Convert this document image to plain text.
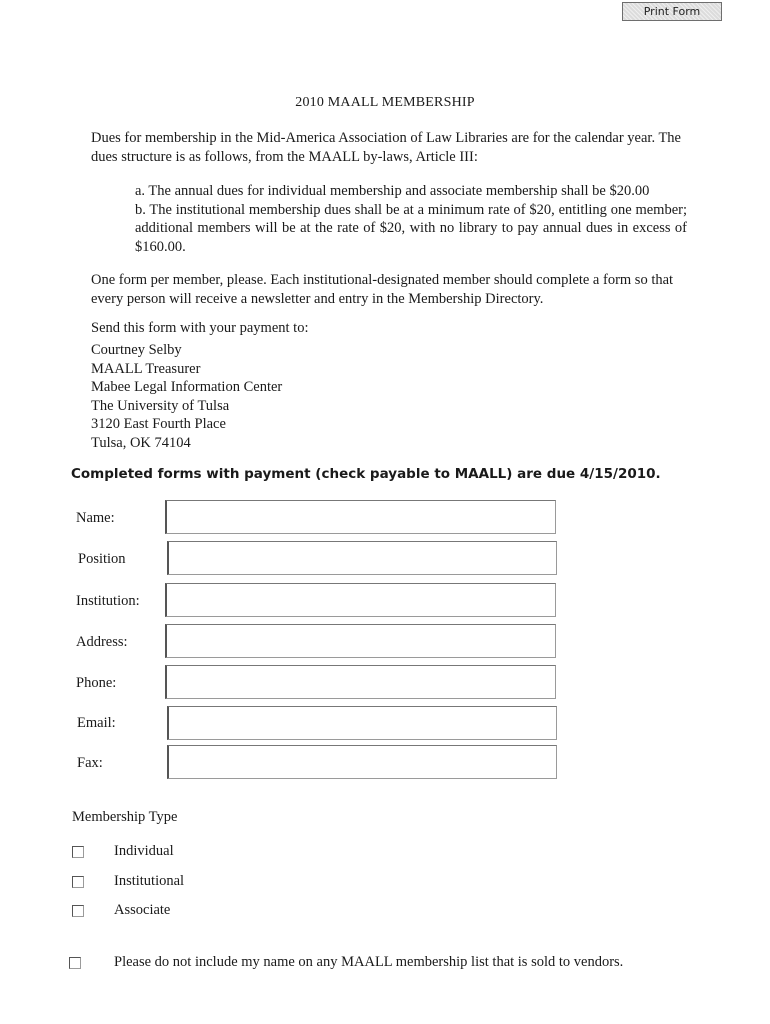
Print Form
2010 MAALL MEMBERSHIP

Dues for membership in the Mid-America Association of Law Libraries are for the calendar year. The dues structure is as follows, from the MAALL by-laws, Article III:

a. The annual dues for individual membership and associate membership shall be $20.00
b. The institutional membership dues shall be at a minimum rate of $20, entitling one member; additional members will be at the rate of $20, with no library to pay annual dues in excess of $160.00.

One form per member, please. Each institutional-designated member should complete a form so that every person will receive a newsletter and entry in the Membership Directory.

Send this form with your payment to:
Courtney Selby
MAALL Treasurer
Mabee Legal Information Center
The University of Tulsa
3120 East Fourth Place
Tulsa, OK 74104
Completed forms with payment (check payable to MAALL) are due 4/15/2010.
Name:
Position
Institution:
Address:
Phone:
Email:
Fax:
Membership Type
Individual
Institutional
Associate
Please do not include my name on any MAALL membership list that is sold to vendors.
